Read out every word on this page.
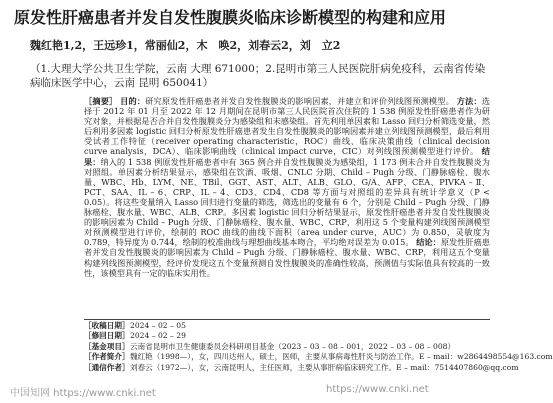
原发性肝癌患者并发自发性腹膜炎临床诊断模型的构建和应用
魏红艳1,2，王远珍1，常丽仙2，木　唤2，刘春云2，刘　立2
（1.大理大学公共卫生学院，云南 大理 671000；2.昆明市第三人民医院肝病免疫科，云南省传染病临床医学中心，云南 昆明 650041）

［摘要］ 目的：研究原发性肝癌患者并发自发性腹膜炎的影响因素，并建立和评价列线图预测模型。 方法：选择于 2012 年 01 月至 2022 年 12 月期间在昆明市第三人民医院首次住院的 1 538 例原发性肝癌患者作为研究对象，并根据是否合并自发性腹膜炎分为感染组和未感染组。首先利用单因素和 Lasso 回归分析筛选变量，然后利用多因素 logistic 回归分析原发性肝癌患者发生自发性腹膜炎的影响因素并建立列线图预测模型，最后利用受试者工作特征（receiver operating characteristic，ROC）曲线、临床决策曲线（clinical decision curve analysis，DCA）、临床影响曲线（clinical impact curve，CIC）对列线图预测模型进行评价。 结果：纳入的 1 538 例原发性肝癌患者中有 365 例合并自发性腹膜炎为感染组，1 173 例未合并自发性腹膜炎为对照组。单因素分析结果显示，感染组在饮酒、吸烟、CNLC 分期、Child – Pugh 分级、门静脉癌栓、腹水量、WBC、Hb、LYM、NE、TBil、GGT、AST、ALT、ALB、GLO、G/A、AFP、CEA、PIVKA – Ⅱ、PCT、SAA、IL – 6、CRP、IL – 4、CD3、CD4、CD8 等方面与对照组的差异具有统计学意义（P < 0.05）。将这些变量纳入 Lasso 回归进行变量的筛选，筛选出的变量有 6 个，分别是 Child – Pugh 分级、门静脉癌栓、腹水量、WBC、ALB、CRP。多因素 logistic 回归分析结果显示，原发性肝癌患者并发自发性腹膜炎的影响因素为 Child – Pugh 分级、门静脉癌栓、腹水量、WBC、CRP，利用这 5 个变量构建列线图预测模型对预测模型进行评价，绘制的 ROC 曲线的曲线下面积（area under curve，AUC）为 0.850，灵敏度为 0.789，特异度为 0.744，绘制的校准曲线与理想曲线基本吻合，平均绝对误差为 0.015。 结论：原发性肝癌患者并发自发性腹膜炎的影响因素为 Child – Pugh 分级、门静脉癌栓、腹水量、WBC、CRP，利用这五个变量构建列线图预测模型，经评价发现这五个变量预测自发性腹膜炎的准确性较高，预测值与实际值具有较高的一致性，该模型具有一定的临床实用性。

［收稿日期］2024 – 02 – 05
［修回日期］2024 – 02 – 29
［基金项目］云南省昆明市卫生健康委员会科研项目基金（2023 – 03 – 08 – 001，2022 – 03 – 08 – 008）
［作者简介］魏红艳（1998—），女，四川达州人，硕士，医师，主要从事病毒性肝炎与防治工作。E – mail：w2864498554@163.com
［通信作者］刘春云（1972—），女，云南昆明人，主任医师，主要从事肝病临床研究工作。E – mail：7514407860@qq.com
中国知网 https://www.cnki.net	https://www.cnki.net
